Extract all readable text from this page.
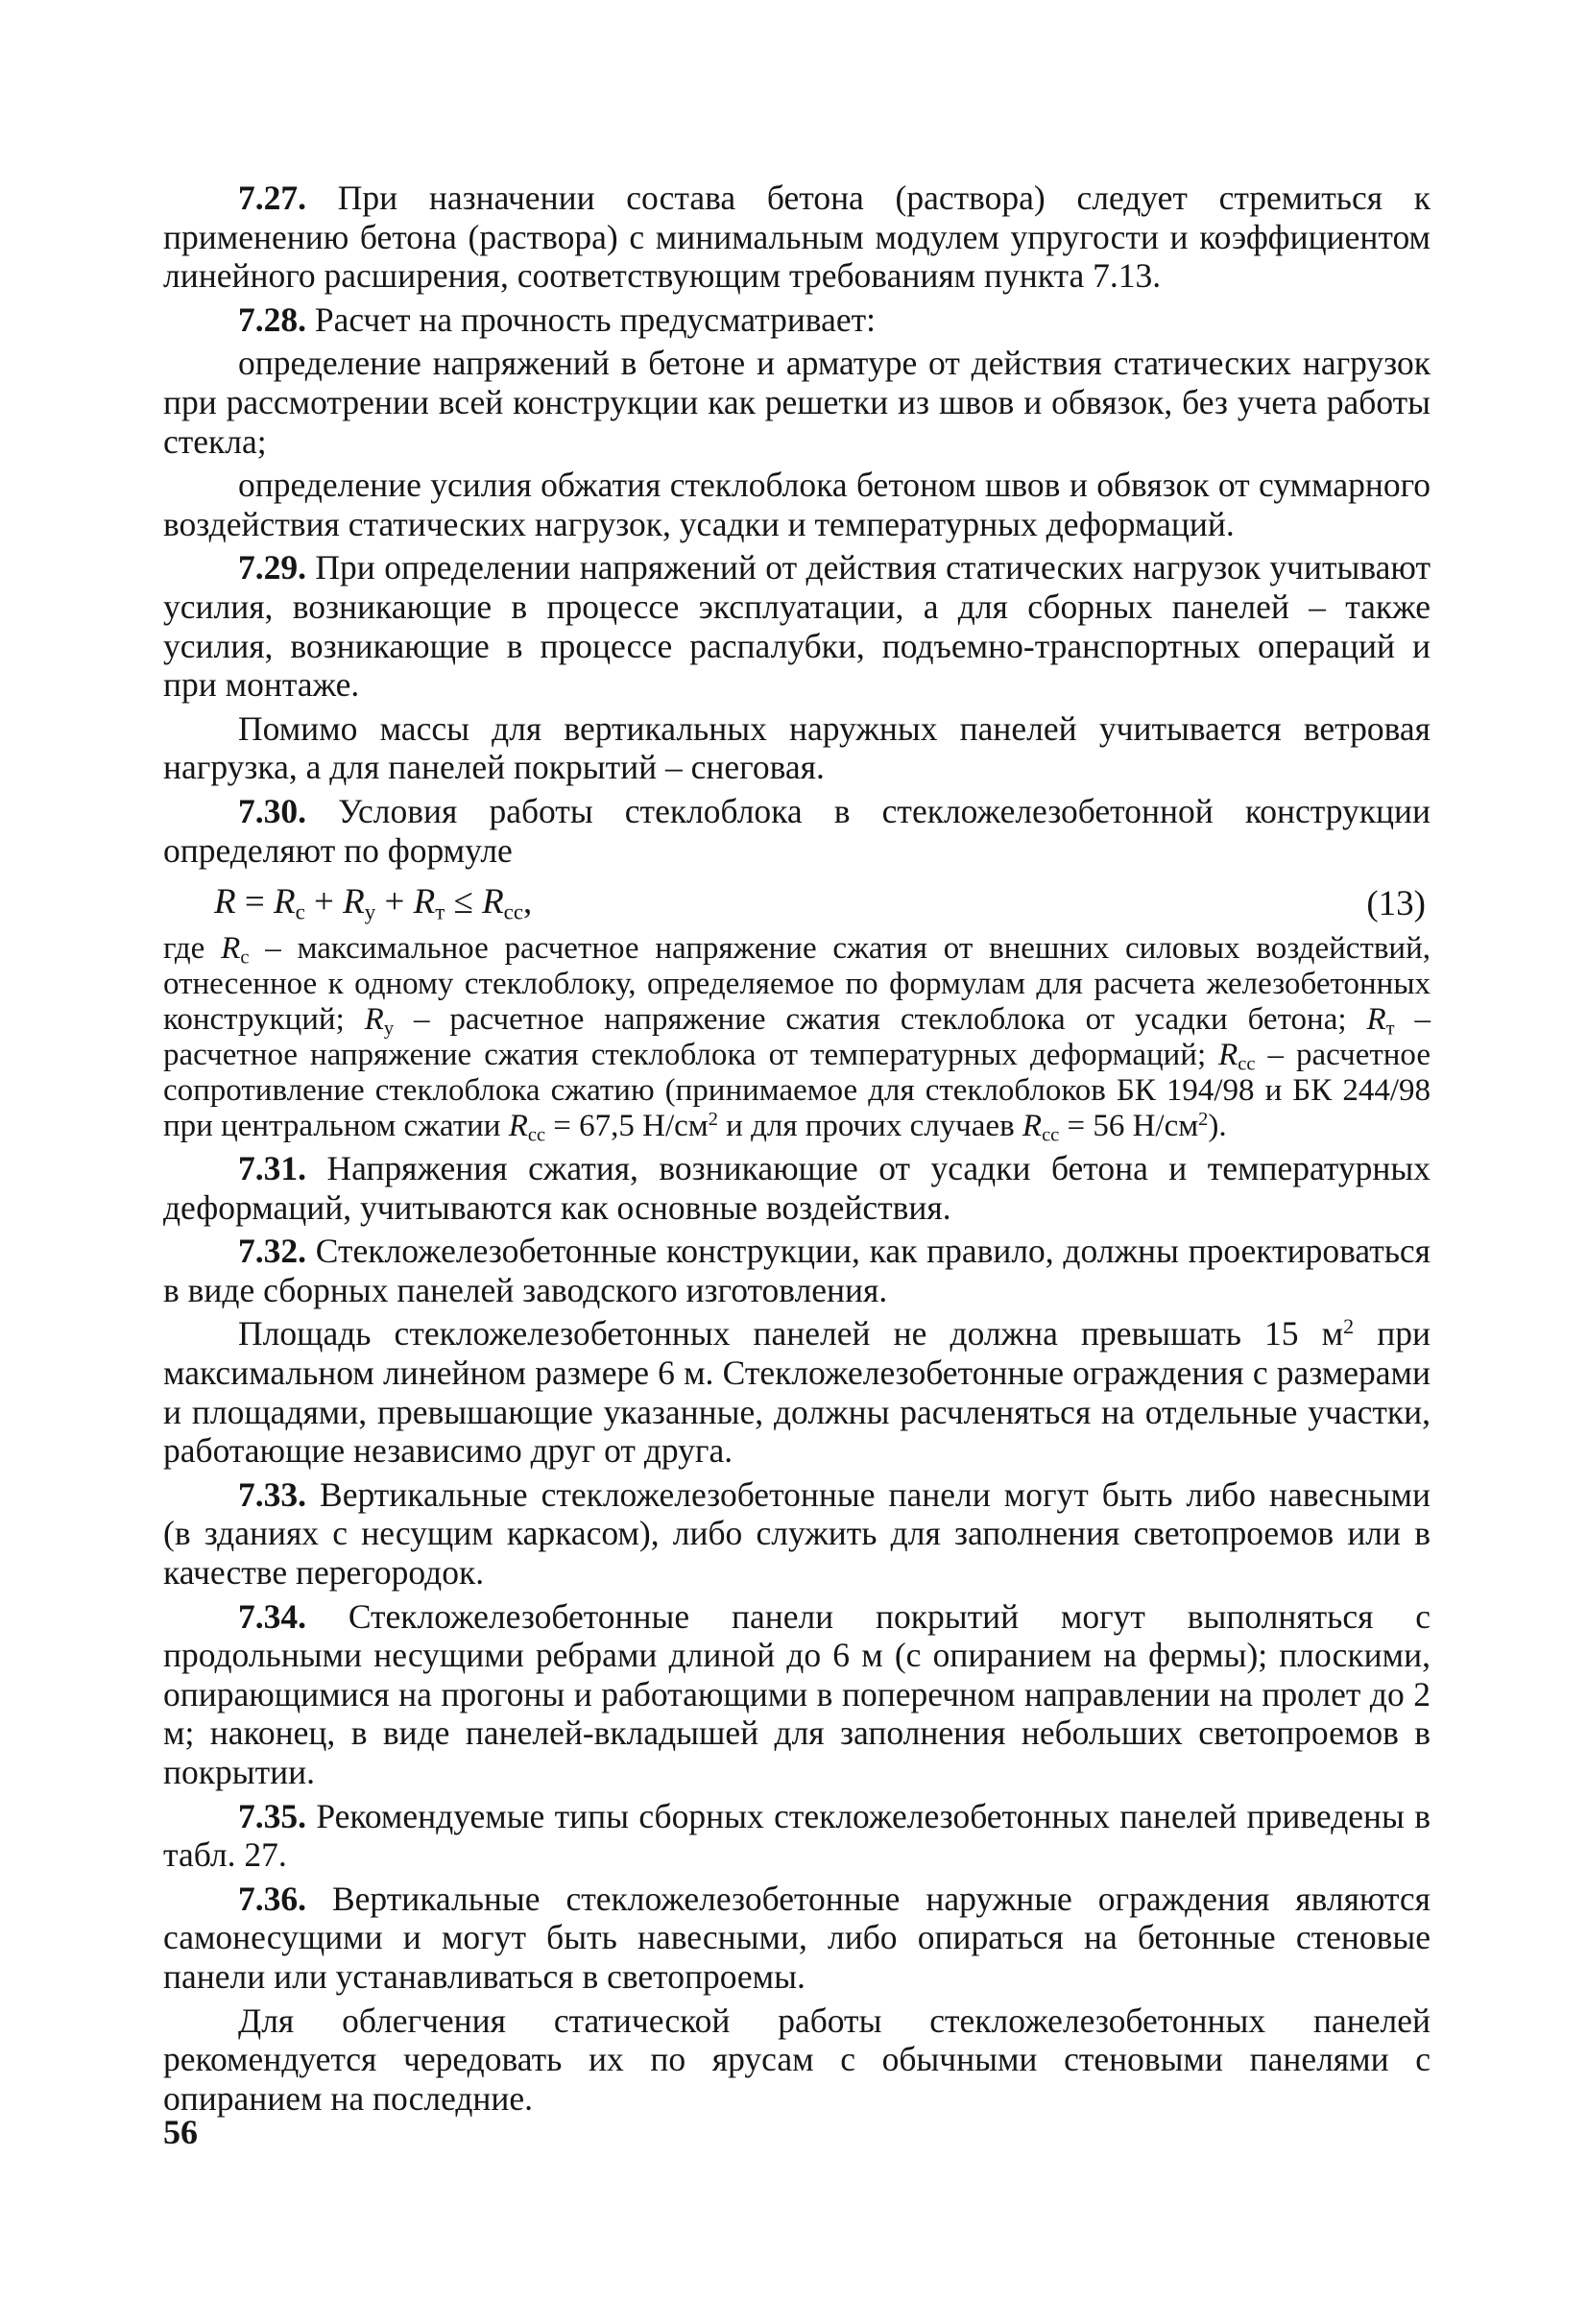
7.27. При назначении состава бетона (раствора) следует стремиться к применению бетона (раствора) с минимальным модулем упругости и коэффициентом линейного расширения, соответствующим требованиям пункта 7.13.

7.28. Расчет на прочность предусматривает:

определение напряжений в бетоне и арматуре от действия статических нагрузок при рассмотрении всей конструкции как решетки из швов и обвязок, без учета работы стекла;

определение усилия обжатия стеклоблока бетоном швов и обвязок от суммарного воздействия статических нагрузок, усадки и температурных деформаций.

7.29. При определении напряжений от действия статических нагрузок учитывают усилия, возникающие в процессе эксплуатации, а для сборных панелей – также усилия, возникающие в процессе распалубки, подъемно-транспортных операций и при монтаже.

Помимо массы для вертикальных наружных панелей учитывается ветровая нагрузка, а для панелей покрытий – снеговая.

7.30. Условия работы стеклоблока в стекложелезобетонной конструкции определяют по формуле

$R = R_c + R_y + R_т \le R_{cc}$,	(13)

где $R_c$ – максимальное расчетное напряжение сжатия от внешних силовых воздействий, отнесенное к одному стеклоблоку, определяемое по формулам для расчета железобетонных конструкций; $R_y$ – расчетное напряжение сжатия стеклоблока от усадки бетона; $R_т$ – расчетное напряжение сжатия стеклоблока от температурных деформаций; $R_{cc}$ – расчетное сопротивление стеклоблока сжатию (принимаемое для стеклоблоков БК 194/98 и БК 244/98 при центральном сжатии $R_{cc} = 67,5$ $Н/см^2$ и для прочих случаев $R_{cc} = 56$ $Н/см^2$).

7.31. Напряжения сжатия, возникающие от усадки бетона и температурных деформаций, учитываются как основные воздействия.

7.32. Стекложелезобетонные конструкции, как правило, должны проектироваться в виде сборных панелей заводского изготовления.

Площадь стекложелезобетонных панелей не должна превышать 15 $м^2$ при максимальном линейном размере 6 м. Стекложелезобетонные ограждения с размерами и площадями, превышающие указанные, должны расчленяться на отдельные участки, работающие независимо друг от друга.

7.33. Вертикальные стекложелезобетонные панели могут быть либо навесными (в зданиях с несущим каркасом), либо служить для заполнения светопроемов или в качестве перегородок.

7.34. Стекложелезобетонные панели покрытий могут выполняться с продольными несущими ребрами длиной до 6 м (с опиранием на фермы); плоскими, опирающимися на прогоны и работающими в поперечном направлении на пролет до 2 м; наконец, в виде панелей-вкладышей для заполнения небольших светопроемов в покрытии.

7.35. Рекомендуемые типы сборных стекложелезобетонных панелей приведены в табл. 27.

7.36. Вертикальные стекложелезобетонные наружные ограждения являются самонесущими и могут быть навесными, либо опираться на бетонные стеновые панели или устанавливаться в светопроемы.

Для облегчения статической работы стекложелезобетонных панелей рекомендуется чередовать их по ярусам с обычными стеновыми панелями с опиранием на последние.

56
